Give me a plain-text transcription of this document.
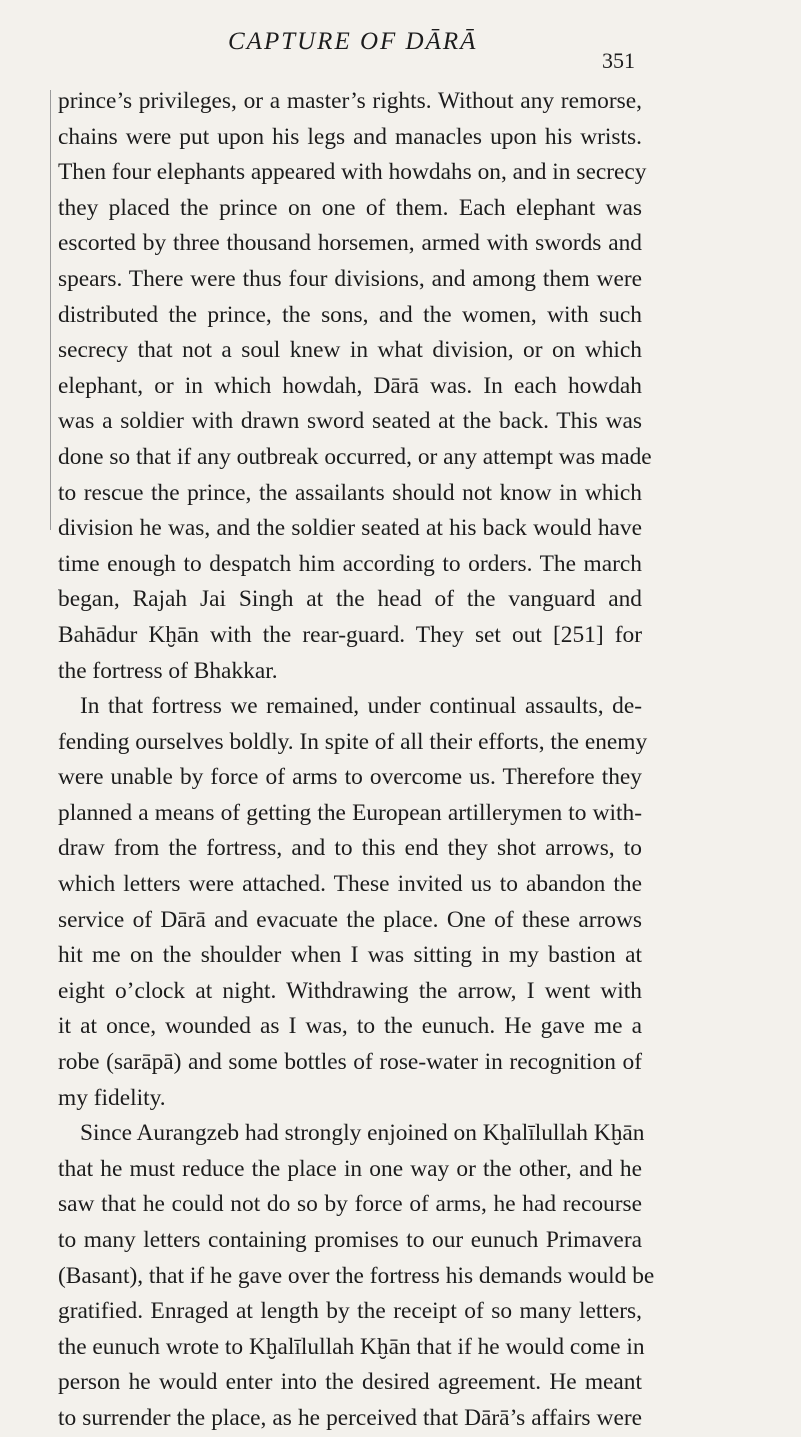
CAPTURE OF DĀRĀ
351
prince’s privileges, or a master’s rights. Without any remorse,
chains were put upon his legs and manacles upon his wrists.
Then four elephants appeared with howdahs on, and in secrecy
they placed the prince on one of them. Each elephant was
escorted by three thousand horsemen, armed with swords and
spears. There were thus four divisions, and among them were
distributed the prince, the sons, and the women, with such
secrecy that not a soul knew in what division, or on which
elephant, or in which howdah, Dārā was. In each howdah
was a soldier with drawn sword seated at the back. This was
done so that if any outbreak occurred, or any attempt was made
to rescue the prince, the assailants should not know in which
division he was, and the soldier seated at his back would have
time enough to despatch him according to orders. The march
began, Rajah Jai Singh at the head of the vanguard and
Bahādur Kḫān with the rear-guard. They set out [251] for
the fortress of Bhakkar.
In that fortress we remained, under continual assaults, de-
fending ourselves boldly. In spite of all their efforts, the enemy
were unable by force of arms to overcome us. Therefore they
planned a means of getting the European artillerymen to with-
draw from the fortress, and to this end they shot arrows, to
which letters were attached. These invited us to abandon the
service of Dārā and evacuate the place. One of these arrows
hit me on the shoulder when I was sitting in my bastion at
eight o’clock at night. Withdrawing the arrow, I went with
it at once, wounded as I was, to the eunuch. He gave me a
robe (sarāpā) and some bottles of rose-water in recognition of
my fidelity.
Since Aurangzeb had strongly enjoined on Kḫalīlullah Kḫān
that he must reduce the place in one way or the other, and he
saw that he could not do so by force of arms, he had recourse
to many letters containing promises to our eunuch Primavera
(Basant), that if he gave over the fortress his demands would be
gratified. Enraged at length by the receipt of so many letters,
the eunuch wrote to Kḫalīlullah Kḫān that if he would come in
person he would enter into the desired agreement. He meant
to surrender the place, as he perceived that Dārā’s affairs were
